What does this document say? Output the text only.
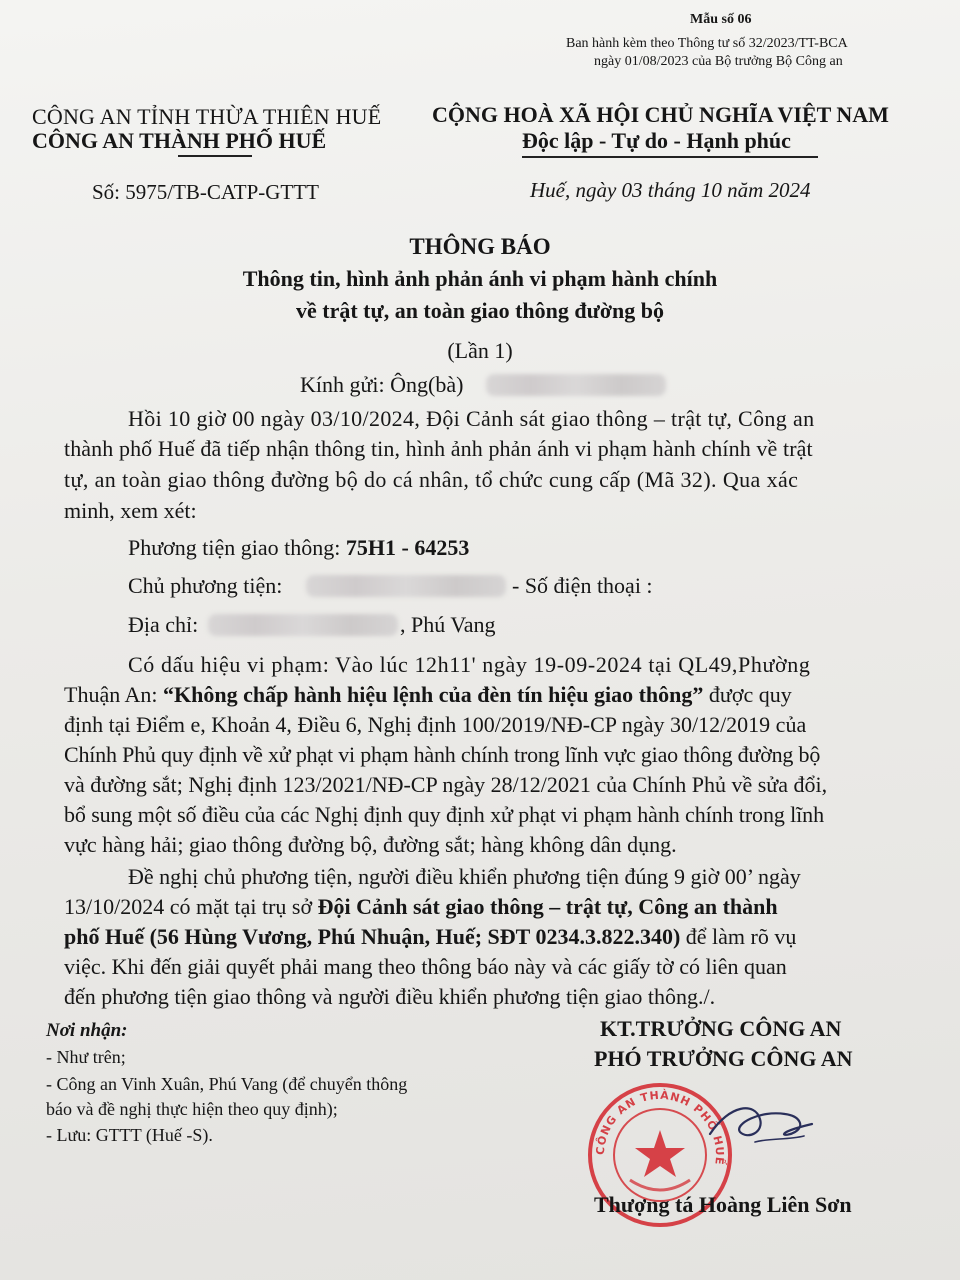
Mẫu số 06
Ban hành kèm theo Thông tư số 32/2023/TT-BCA
ngày 01/08/2023 của Bộ trưởng Bộ Công an
CÔNG AN TỈNH THỪA THIÊN HUẾ
CÔNG AN THÀNH PHỐ HUẾ
CỘNG HOÀ XÃ HỘI CHỦ NGHĨA VIỆT NAM
Độc lập - Tự do - Hạnh phúc
Số: 5975/TB-CATP-GTTT	Huế, ngày 03 tháng 10 năm 2024
THÔNG BÁO
Thông tin, hình ảnh phản ánh vi phạm hành chính
về trật tự, an toàn giao thông đường bộ
(Lần 1)
Kính gửi: Ông(bà)
Hồi 10 giờ 00 ngày 03/10/2024, Đội Cảnh sát giao thông – trật tự, Công an
thành phố Huế đã tiếp nhận thông tin, hình ảnh phản ánh vi phạm hành chính về trật
tự, an toàn giao thông đường bộ do cá nhân, tổ chức cung cấp (Mã 32). Qua xác
minh, xem xét:
Phương tiện giao thông: 75H1 - 64253
Chủ phương tiện:	- Số điện thoại :
Địa chỉ:	, Phú Vang
Có dấu hiệu vi phạm: Vào lúc 12h11' ngày 19-09-2024 tại QL49,Phường
Thuận An: “Không chấp hành hiệu lệnh của đèn tín hiệu giao thông” được quy
định tại Điểm e, Khoản 4, Điều 6, Nghị định 100/2019/NĐ-CP ngày 30/12/2019 của
Chính Phủ quy định về xử phạt vi phạm hành chính trong lĩnh vực giao thông đường bộ
và đường sắt; Nghị định 123/2021/NĐ-CP ngày 28/12/2021 của Chính Phủ về sửa đổi,
bổ sung một số điều của các Nghị định quy định xử phạt vi phạm hành chính trong lĩnh
vực hàng hải; giao thông đường bộ, đường sắt; hàng không dân dụng.
Đề nghị chủ phương tiện, người điều khiển phương tiện đúng 9 giờ 00’ ngày
13/10/2024 có mặt tại trụ sở Đội Cảnh sát giao thông – trật tự, Công an thành
phố Huế (56 Hùng Vương, Phú Nhuận, Huế; SĐT 0234.3.822.340) để làm rõ vụ
việc. Khi đến giải quyết phải mang theo thông báo này và các giấy tờ có liên quan
đến phương tiện giao thông và người điều khiển phương tiện giao thông./.
Nơi nhận:
- Như trên;
- Công an Vinh Xuân, Phú Vang (để chuyển thông
báo và đề nghị thực hiện theo quy định);
- Lưu: GTTT (Huế -S).
KT.TRƯỞNG CÔNG AN
PHÓ TRƯỞNG CÔNG AN
CÔNG AN THÀNH PHỐ HUẾ
Thượng tá Hoàng Liên Sơn
